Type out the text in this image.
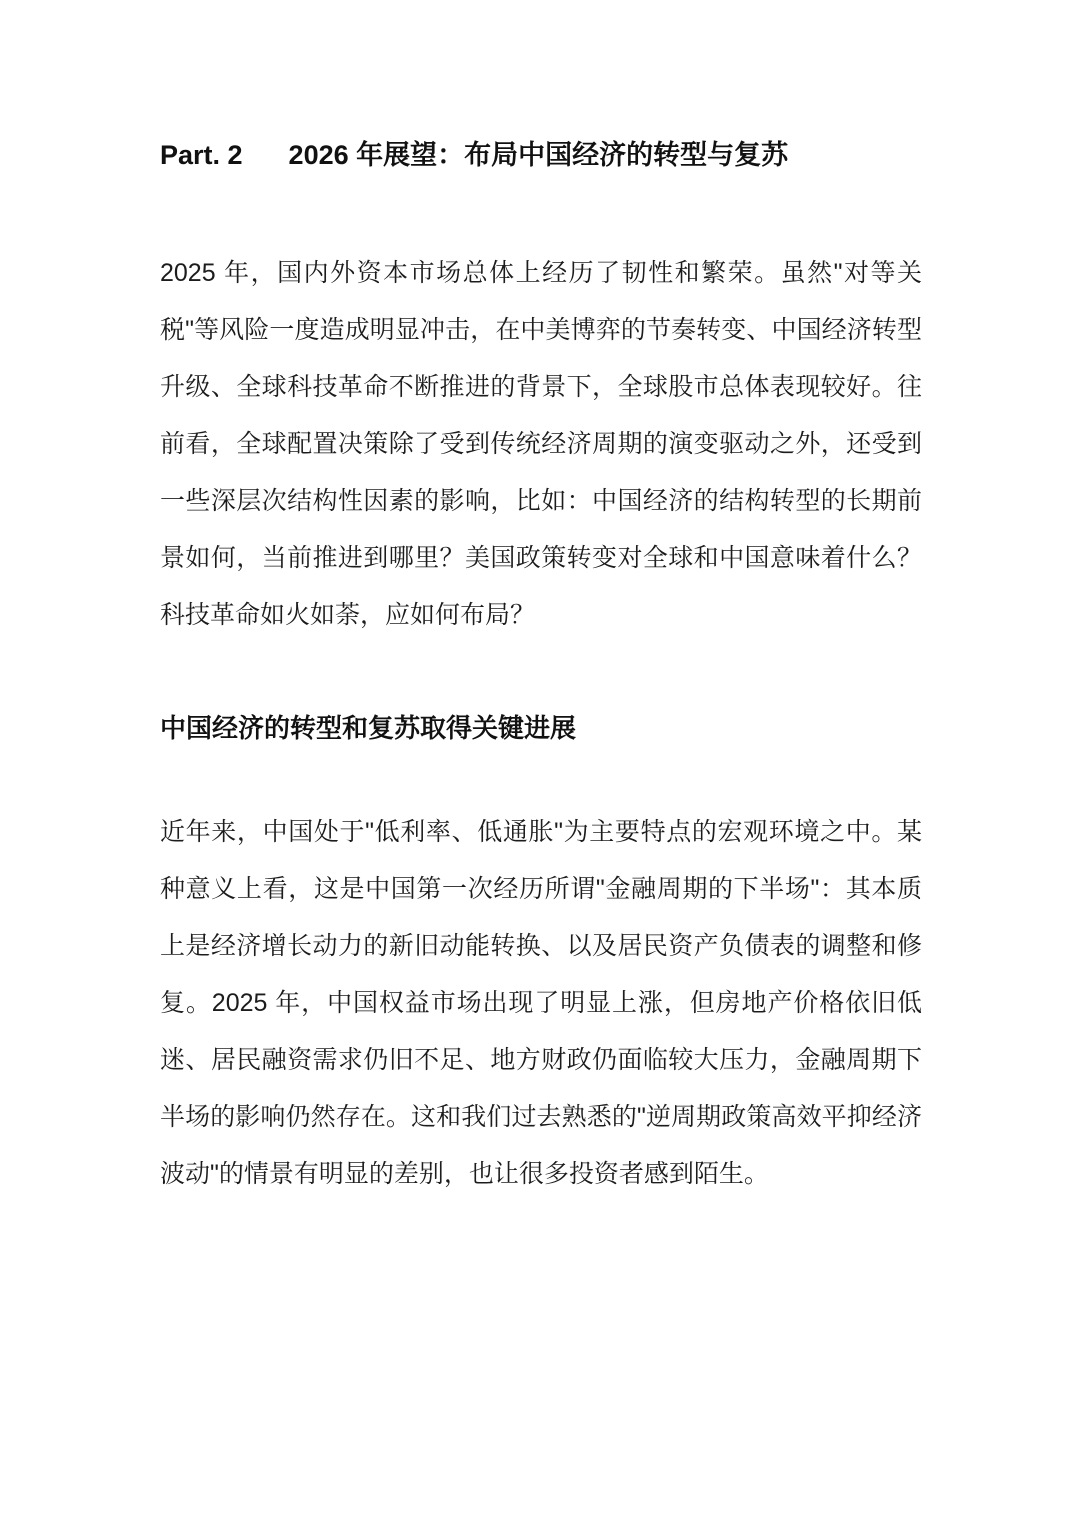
Part. 2 2026 年展望：布局中国经济的转型与复苏

2025 年，国内外资本市场总体上经历了韧性和繁荣。虽然"对等关税"等风险一度造成明显冲击，在中美博弈的节奏转变、中国经济转型升级、全球科技革命不断推进的背景下，全球股市总体表现较好。往前看，全球配置决策除了受到传统经济周期的演变驱动之外，还受到一些深层次结构性因素的影响，比如：中国经济的结构转型的长期前景如何，当前推进到哪里？美国政策转变对全球和中国意味着什么？科技革命如火如荼，应如何布局？

中国经济的转型和复苏取得关键进展

近年来，中国处于"低利率、低通胀"为主要特点的宏观环境之中。某种意义上看，这是中国第一次经历所谓"金融周期的下半场"：其本质上是经济增长动力的新旧动能转换、以及居民资产负债表的调整和修复。2025 年，中国权益市场出现了明显上涨，但房地产价格依旧低迷、居民融资需求仍旧不足、地方财政仍面临较大压力，金融周期下半场的影响仍然存在。这和我们过去熟悉的"逆周期政策高效平抑经济波动"的情景有明显的差别，也让很多投资者感到陌生。
